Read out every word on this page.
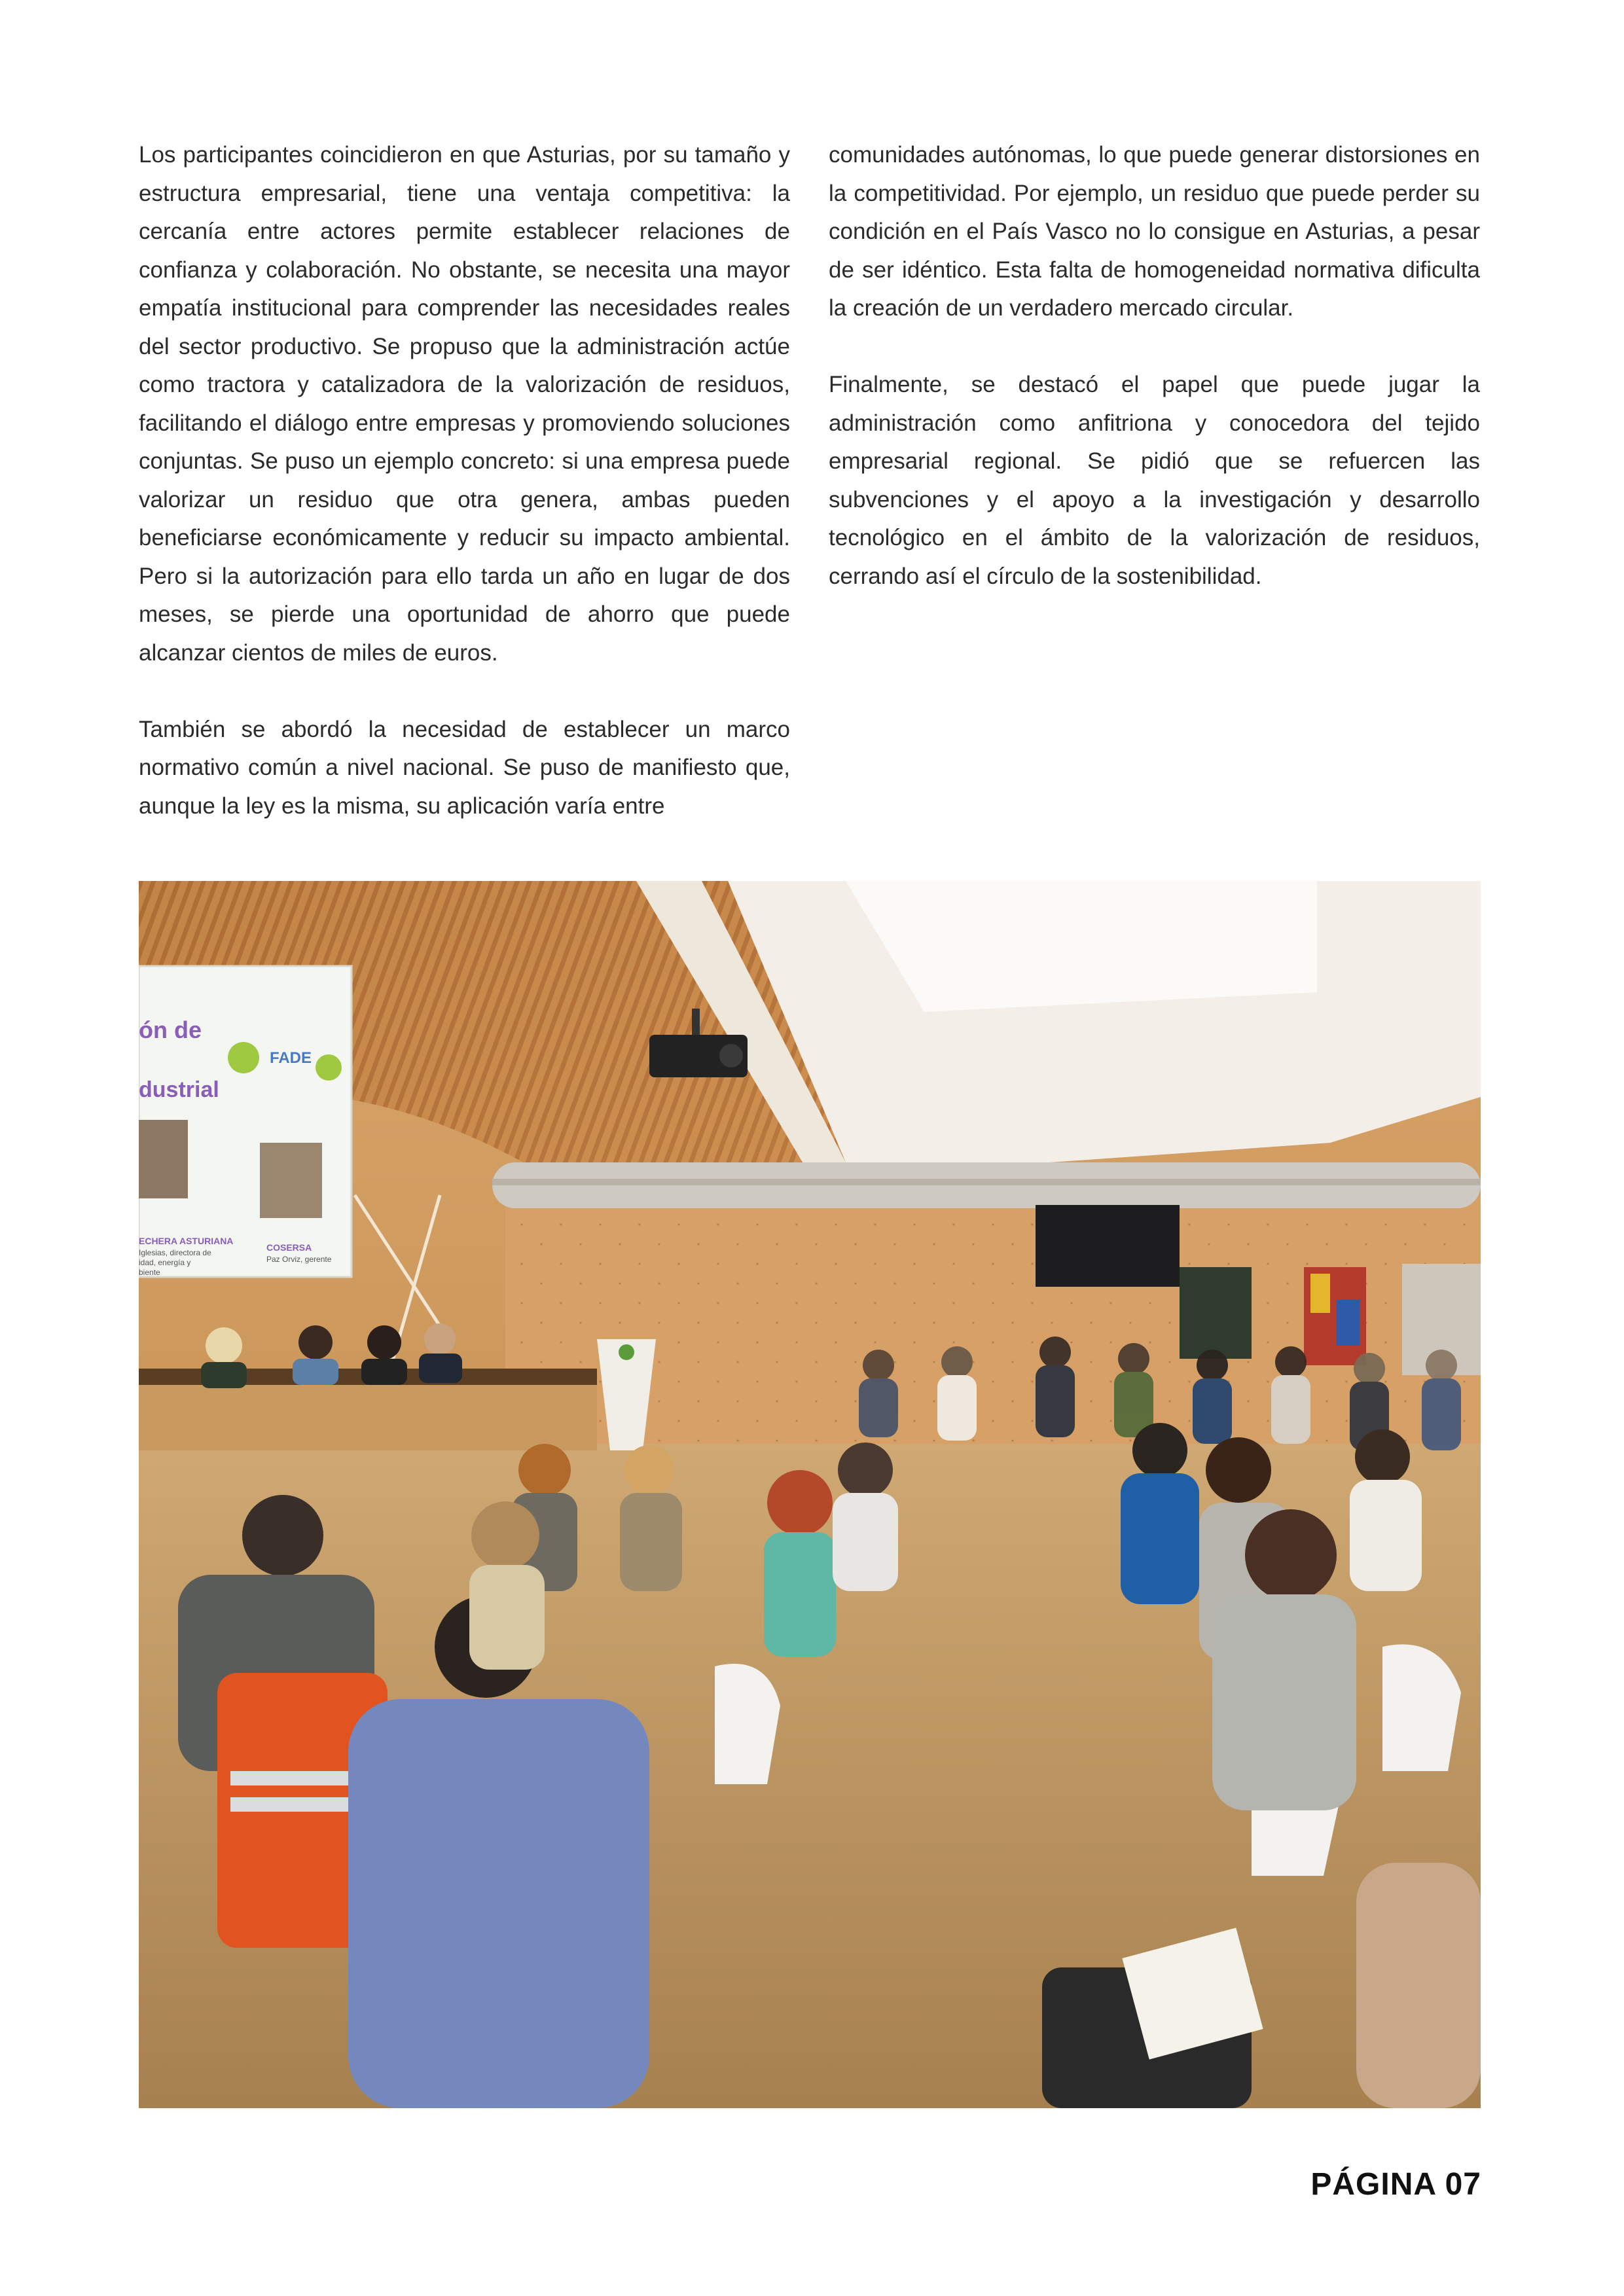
Los participantes coincidieron en que Asturias, por su tamaño y estructura empresarial, tiene una ventaja competitiva: la cercanía entre actores permite establecer relaciones de confianza y colaboración. No obstante, se necesita una mayor empatía institucional para comprender las necesidades reales del sector productivo. Se propuso que la administración actúe como tractora y catalizadora de la valorización de residuos, facilitando el diálogo entre empresas y promoviendo soluciones conjuntas. Se puso un ejemplo concreto: si una empresa puede valorizar un residuo que otra genera, ambas pueden beneficiarse económicamente y reducir su impacto ambiental. Pero si la autorización para ello tarda un año en lugar de dos meses, se pierde una oportunidad de ahorro que puede alcanzar cientos de miles de euros.

También se abordó la necesidad de establecer un marco normativo común a nivel nacional. Se puso de manifiesto que, aunque la ley es la misma, su aplicación varía entre

comunidades autónomas, lo que puede generar distorsiones en la competitividad. Por ejemplo, un residuo que puede perder su condición en el País Vasco no lo consigue en Asturias, a pesar de ser idéntico. Esta falta de homogeneidad normativa dificulta la creación de un verdadero mercado circular.

Finalmente, se destacó el papel que puede jugar la administración como anfitriona y conocedora del tejido empresarial regional. Se pidió que se refuercen las subvenciones y el apoyo a la investigación y desarrollo tecnológico en el ámbito de la valorización de residuos, cerrando así el círculo de la sostenibilidad.

ón de
dustrial
FADE
ECHERA ASTURIANA
Iglesias, directora de
idad, energía y
biente
COSERSA
Paz Orviz, gerente
PÁGINA 07
